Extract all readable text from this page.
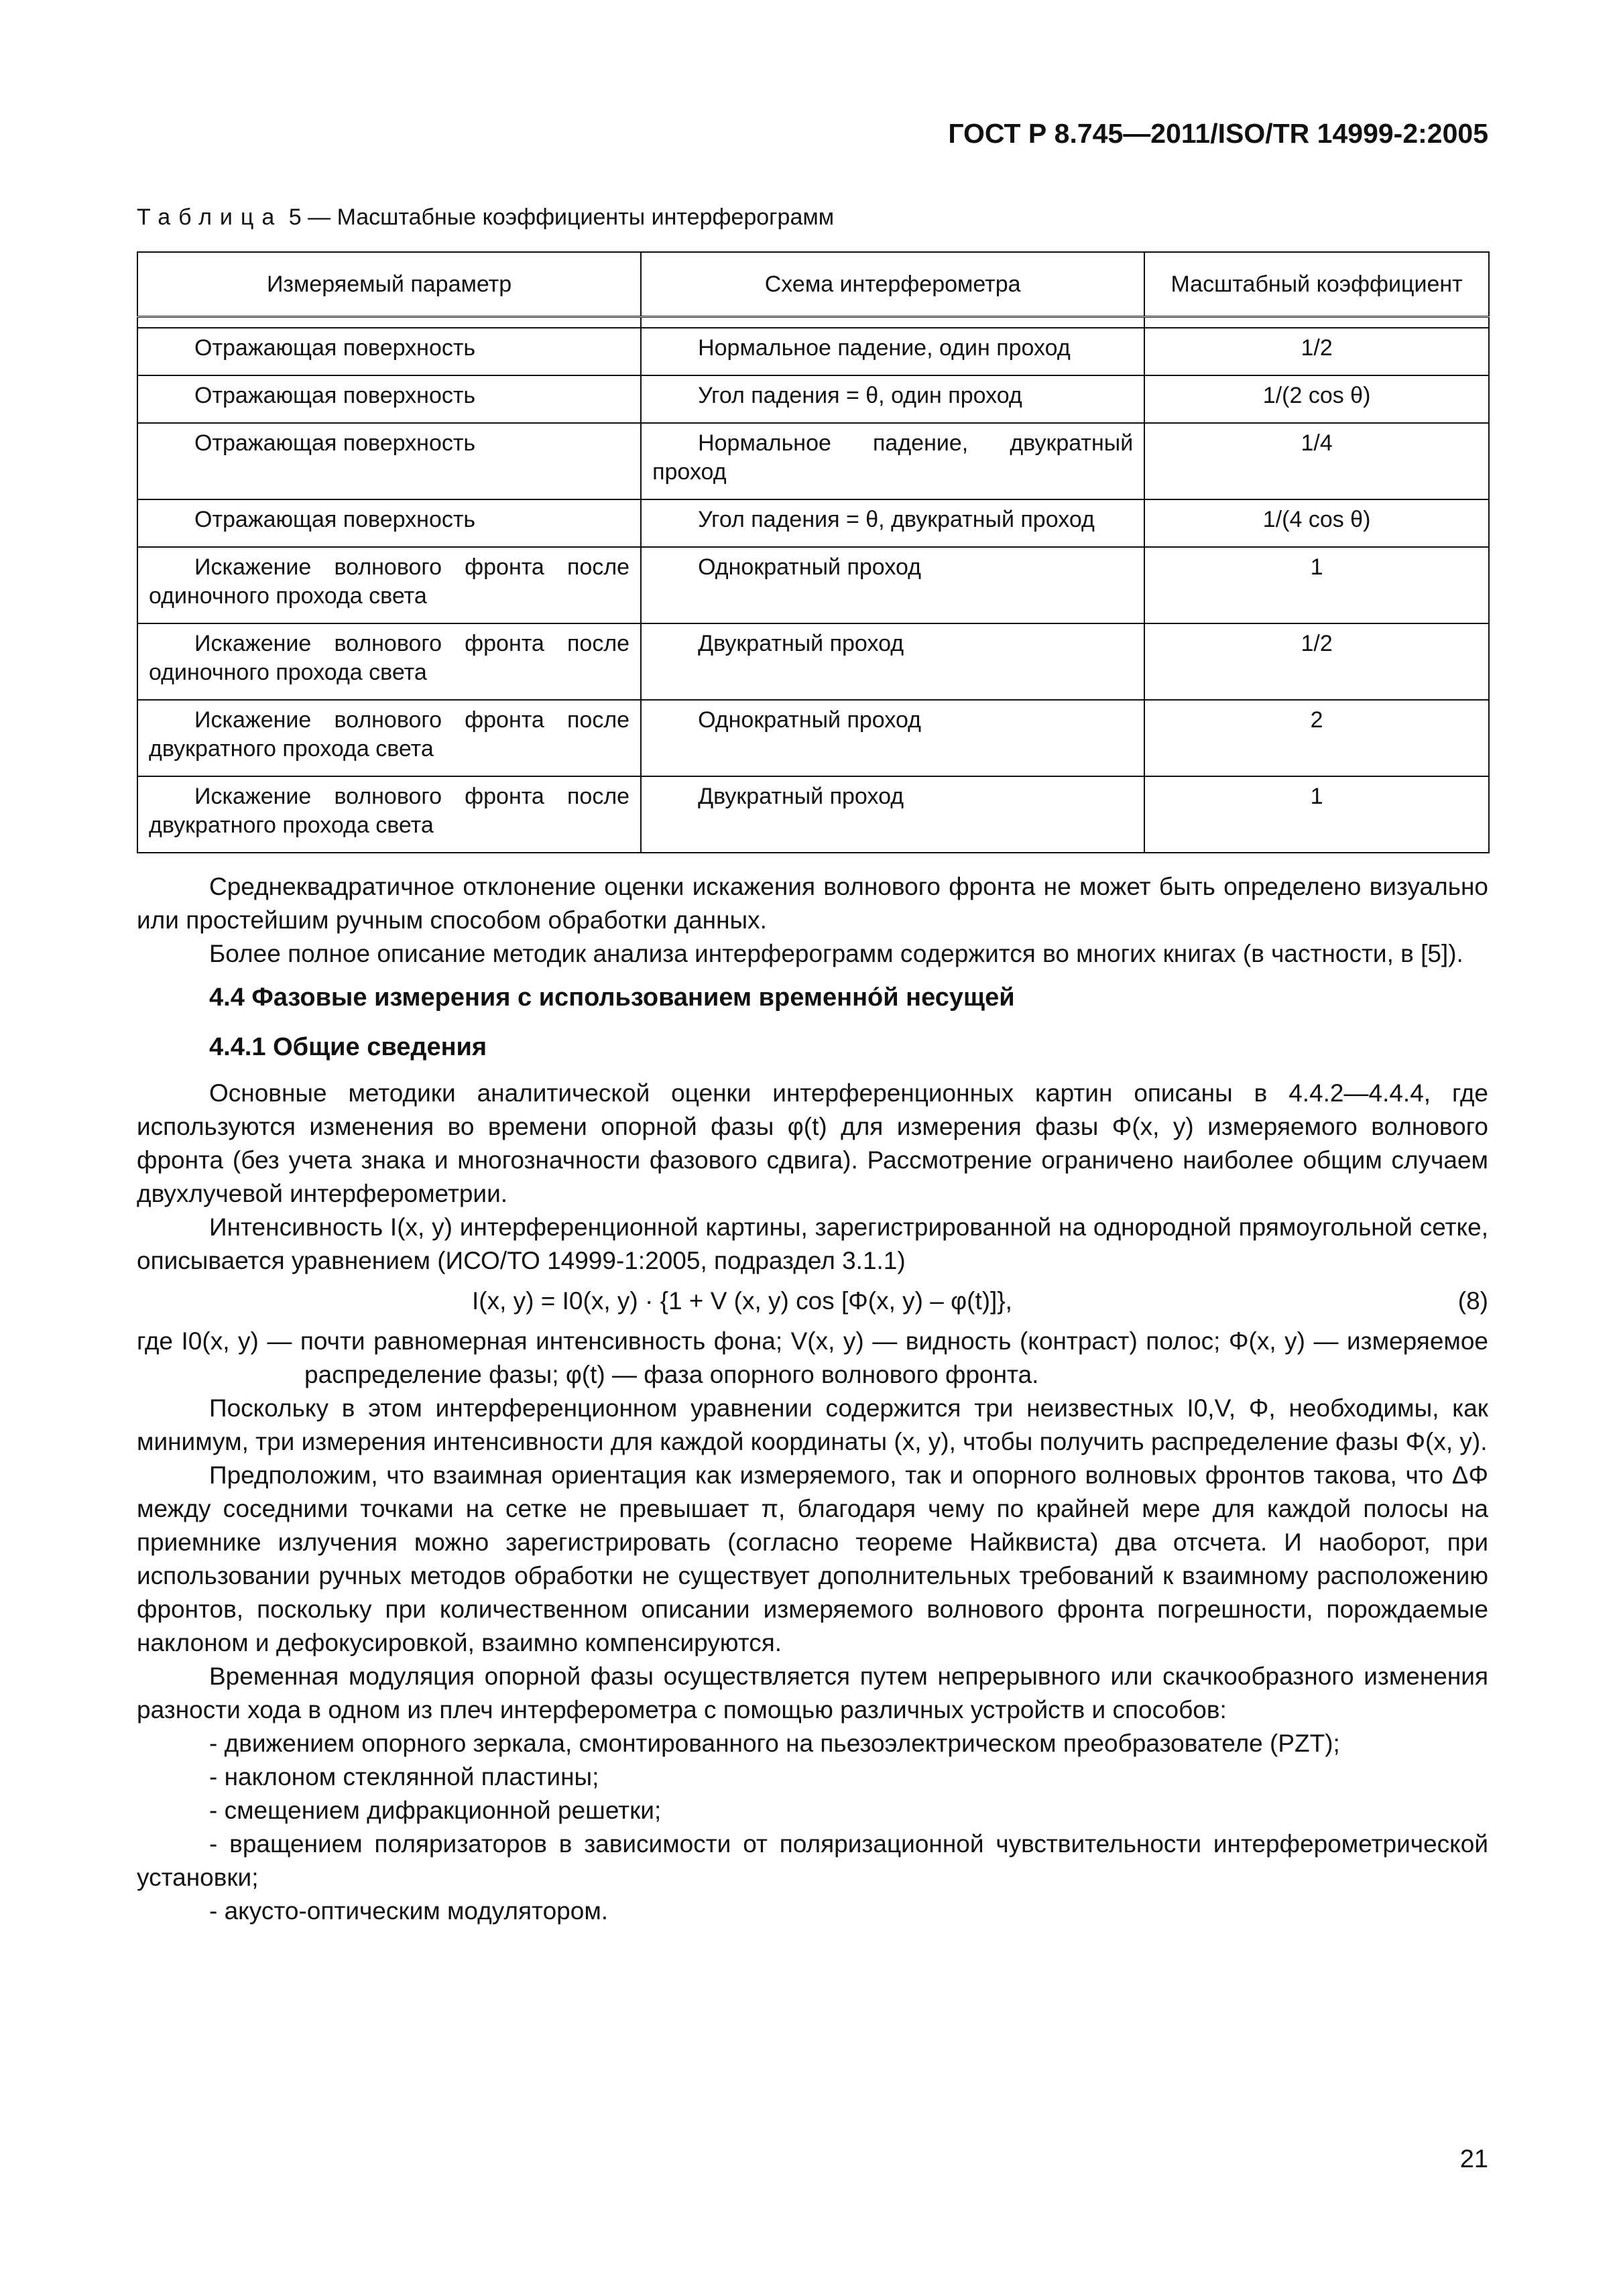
ГОСТ Р 8.745—2011/ISO/TR 14999-2:2005
Таблица 5 — Масштабные коэффициенты интерферограмм
Измеряемый параметр	Схема интерферометра	Масштабный коэффициент

Отражающая поверхность	Нормальное падение, один проход	1/2
Отражающая поверхность	Угол падения = θ, один проход	1/(2 cos θ)
Отражающая поверхность	Нормальное падение, двукратный проход	1/4
Отражающая поверхность	Угол падения = θ, двукратный проход	1/(4 cos θ)
Искажение волнового фронта после одиночного прохода света	Однократный проход	1
Искажение волнового фронта после одиночного прохода света	Двукратный проход	1/2
Искажение волнового фронта после двукратного прохода света	Однократный проход	2
Искажение волнового фронта после двукратного прохода света	Двукратный проход	1

Среднеквадратичное отклонение оценки искажения волнового фронта не может быть определено визуально или простейшим ручным способом обработки данных.

Более полное описание методик анализа интерферограмм содержится во многих книгах (в частности, в [5]).

4.4 Фазовые измерения с использованием временно́й несущей
4.4.1 Общие сведения

Основные методики аналитической оценки интерференционных картин описаны в 4.4.2—4.4.4, где используются изменения во времени опорной фазы φ(t) для измерения фазы Φ(x, y) измеряемого волнового фронта (без учета знака и многозначности фазового сдвига). Рассмотрение ограничено наиболее общим случаем двухлучевой интерферометрии.

Интенсивность I(x, y) интерференционной картины, зарегистрированной на однородной прямоугольной сетке, описывается уравнением (ИСО/ТО 14999-1:2005, подраздел 3.1.1)

I(x, y) = I0(x, y) · {1 + V (x, y) cos [Φ(x, y) – φ(t)]},	(8)

где I0(x, y) — почти равномерная интенсивность фона; V(x, y) — видность (контраст) полос; Φ(x, y) — измеряемое распределение фазы; φ(t) — фаза опорного волнового фронта.

Поскольку в этом интерференционном уравнении содержится три неизвестных I0,V, Φ, необходимы, как минимум, три измерения интенсивности для каждой координаты (x, y), чтобы получить распределение фазы Φ(x, y).

Предположим, что взаимная ориентация как измеряемого, так и опорного волновых фронтов такова, что ΔΦ между соседними точками на сетке не превышает π, благодаря чему по крайней мере для каждой полосы на приемнике излучения можно зарегистрировать (согласно теореме Найквиста) два отсчета. И наоборот, при использовании ручных методов обработки не существует дополнительных требований к взаимному расположению фронтов, поскольку при количественном описании измеряемого волнового фронта погрешности, порождаемые наклоном и дефокусировкой, взаимно компенсируются.

Временная модуляция опорной фазы осуществляется путем непрерывного или скачкообразного изменения разности хода в одном из плеч интерферометра с помощью различных устройств и способов:

- движением опорного зеркала, смонтированного на пьезоэлектрическом преобразователе (PZT);

- наклоном стеклянной пластины;

- смещением дифракционной решетки;

- вращением поляризаторов в зависимости от поляризационной чувствительности интерферометрической установки;

- акусто-оптическим модулятором.

21
